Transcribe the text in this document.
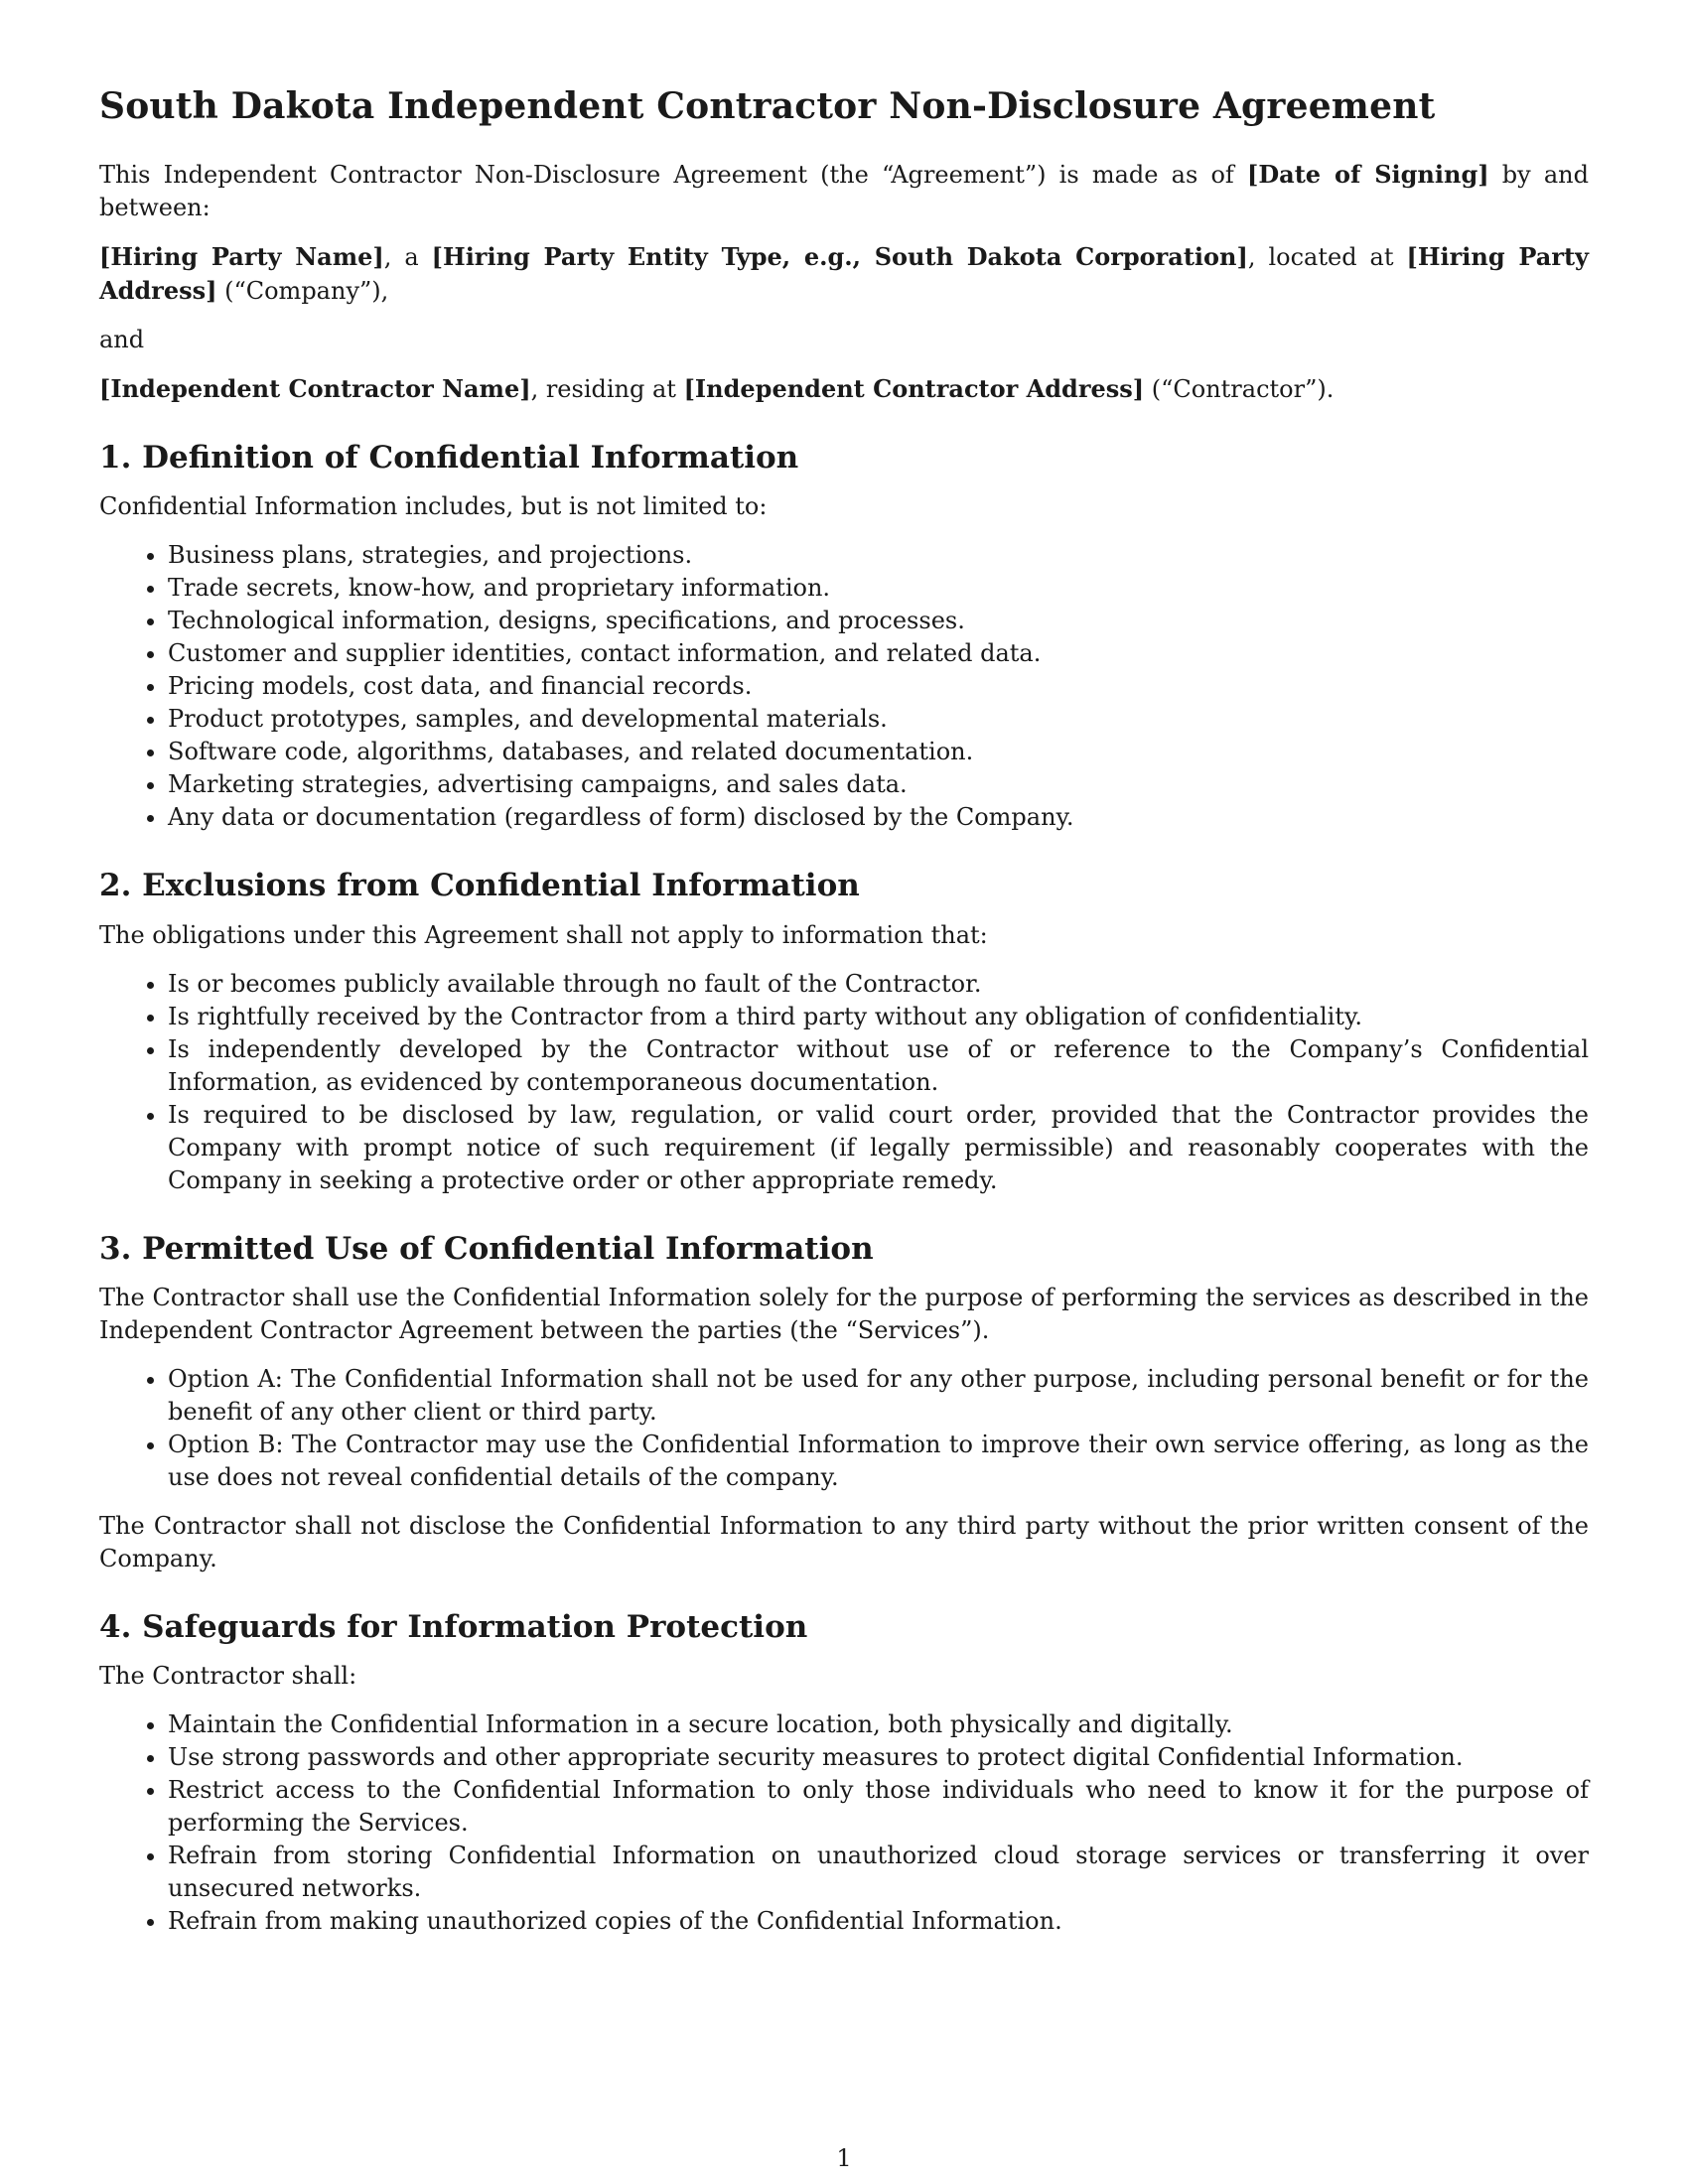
South Dakota Independent Contractor Non-Disclosure Agreement

This Independent Contractor Non-Disclosure Agreement (the “Agreement”) is made as of [Date of Signing] by and between:

[Hiring Party Name], a [Hiring Party Entity Type, e.g., South Dakota Corporation], located at [Hiring Party Address] (“Company”),

and

[Independent Contractor Name], residing at [Independent Contractor Address] (“Contractor”).

1. Definition of Confidential Information

Confidential Information includes, but is not limited to:

• Business plans, strategies, and projections.
• Trade secrets, know-how, and proprietary information.
• Technological information, designs, specifications, and processes.
• Customer and supplier identities, contact information, and related data.
• Pricing models, cost data, and financial records.
• Product prototypes, samples, and developmental materials.
• Software code, algorithms, databases, and related documentation.
• Marketing strategies, advertising campaigns, and sales data.
• Any data or documentation (regardless of form) disclosed by the Company.
2. Exclusions from Confidential Information

The obligations under this Agreement shall not apply to information that:

• Is or becomes publicly available through no fault of the Contractor.
• Is rightfully received by the Contractor from a third party without any obligation of confidentiality.
• Is independently developed by the Contractor without use of or reference to the Company’s Confidential Information, as evidenced by contemporaneous documentation.
• Is required to be disclosed by law, regulation, or valid court order, provided that the Contractor provides the Company with prompt notice of such requirement (if legally permissible) and reasonably cooperates with the Company in seeking a protective order or other appropriate remedy.
3. Permitted Use of Confidential Information

The Contractor shall use the Confidential Information solely for the purpose of performing the services as described in the Independent Contractor Agreement between the parties (the “Services”).

• Option A: The Confidential Information shall not be used for any other purpose, including personal benefit or for the benefit of any other client or third party.
• Option B: The Contractor may use the Confidential Information to improve their own service offering, as long as the use does not reveal confidential details of the company.

The Contractor shall not disclose the Confidential Information to any third party without the prior written consent of the Company.

4. Safeguards for Information Protection

The Contractor shall:

• Maintain the Confidential Information in a secure location, both physically and digitally.
• Use strong passwords and other appropriate security measures to protect digital Confidential Information.
• Restrict access to the Confidential Information to only those individuals who need to know it for the purpose of performing the Services.
• Refrain from storing Confidential Information on unauthorized cloud storage services or transferring it over unsecured networks.
• Refrain from making unauthorized copies of the Confidential Information.
1
